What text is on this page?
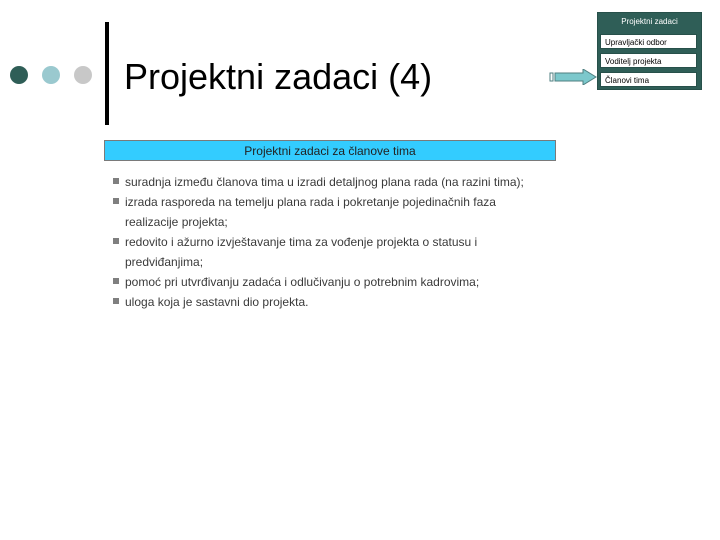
Projektni zadaci (4)
Projektni zadaci
Upravljački odbor
Voditelj projekta
Članovi tima
Projektni zadaci za članove tima
suradnja između članova tima u izradi detaljnog plana rada (na razini tima);
izrada rasporeda na temelju plana rada i pokretanje pojedinačnih faza realizacije projekta;
redovito i ažurno izvještavanje tima za vođenje projekta o statusu i predviđanjima;
pomoć pri utvrđivanju zadaća i odlučivanju o potrebnim kadrovima;
uloga koja je sastavni dio projekta.
